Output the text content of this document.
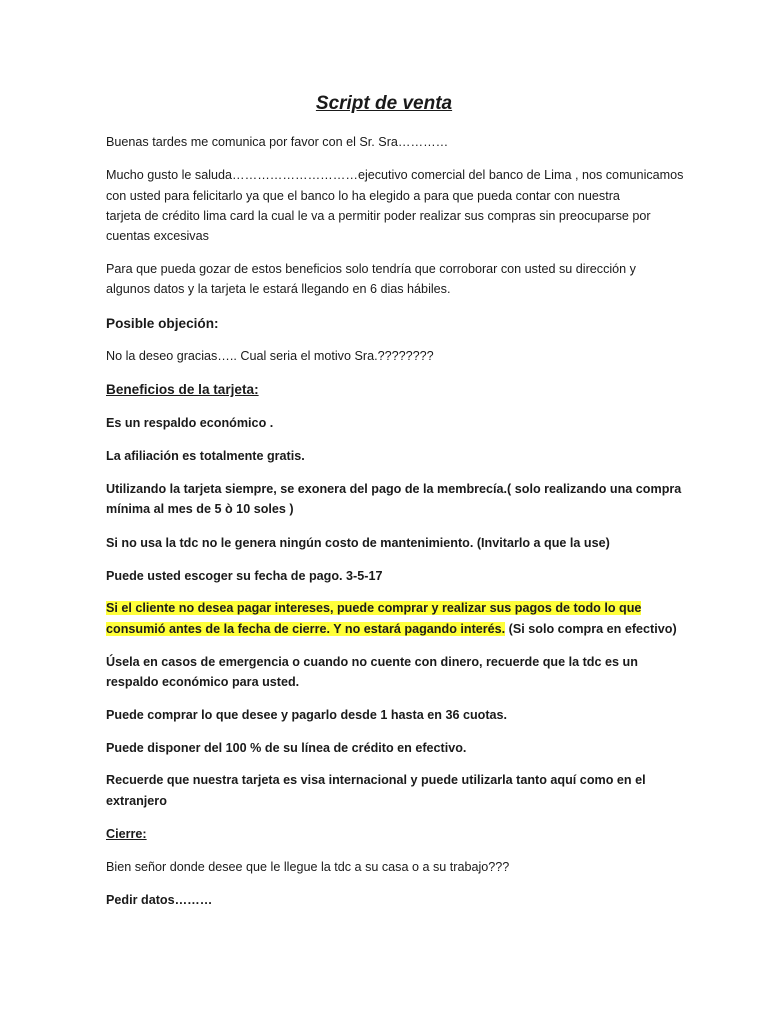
Script de venta
Buenas tardes me comunica por favor con el Sr. Sra…………
Mucho gusto le saluda…………………………ejecutivo comercial del banco de Lima , nos comunicamos
con usted para felicitarlo ya que el banco lo ha elegido a para que pueda contar con nuestra
tarjeta de crédito lima card la cual le va a permitir poder realizar sus compras sin preocuparse por
cuentas excesivas
Para que pueda gozar de estos beneficios solo tendría que corroborar con usted su dirección y
algunos datos y la tarjeta le estará llegando en 6 dias hábiles.
Posible objeción:
No la deseo gracias….. Cual seria el motivo Sra.????????
Beneficios de la tarjeta:
Es un respaldo económico .
La afiliación es totalmente gratis.
Utilizando la tarjeta siempre, se exonera del pago de la membrecía.( solo realizando una compra
mínima al mes de 5 ò 10 soles )
Si no usa la tdc no le genera ningún costo de mantenimiento. (Invitarlo a que la use)
Puede usted escoger su fecha de pago. 3-5-17
Si el cliente no desea pagar intereses, puede comprar y realizar sus pagos de todo lo que
consumió antes de la fecha de cierre. Y no estará pagando interés. (Si solo compra en efectivo)
Úsela en casos de emergencia o cuando no cuente con dinero, recuerde que la tdc es un
respaldo económico para usted.
Puede comprar lo que desee y pagarlo desde 1 hasta en 36 cuotas.
Puede disponer del 100 % de su línea de crédito en efectivo.
Recuerde que nuestra tarjeta es visa internacional y puede utilizarla tanto aquí como en el
extranjero
Cierre:
Bien señor donde desee que le llegue la tdc a su casa o a su trabajo???
Pedir datos………
